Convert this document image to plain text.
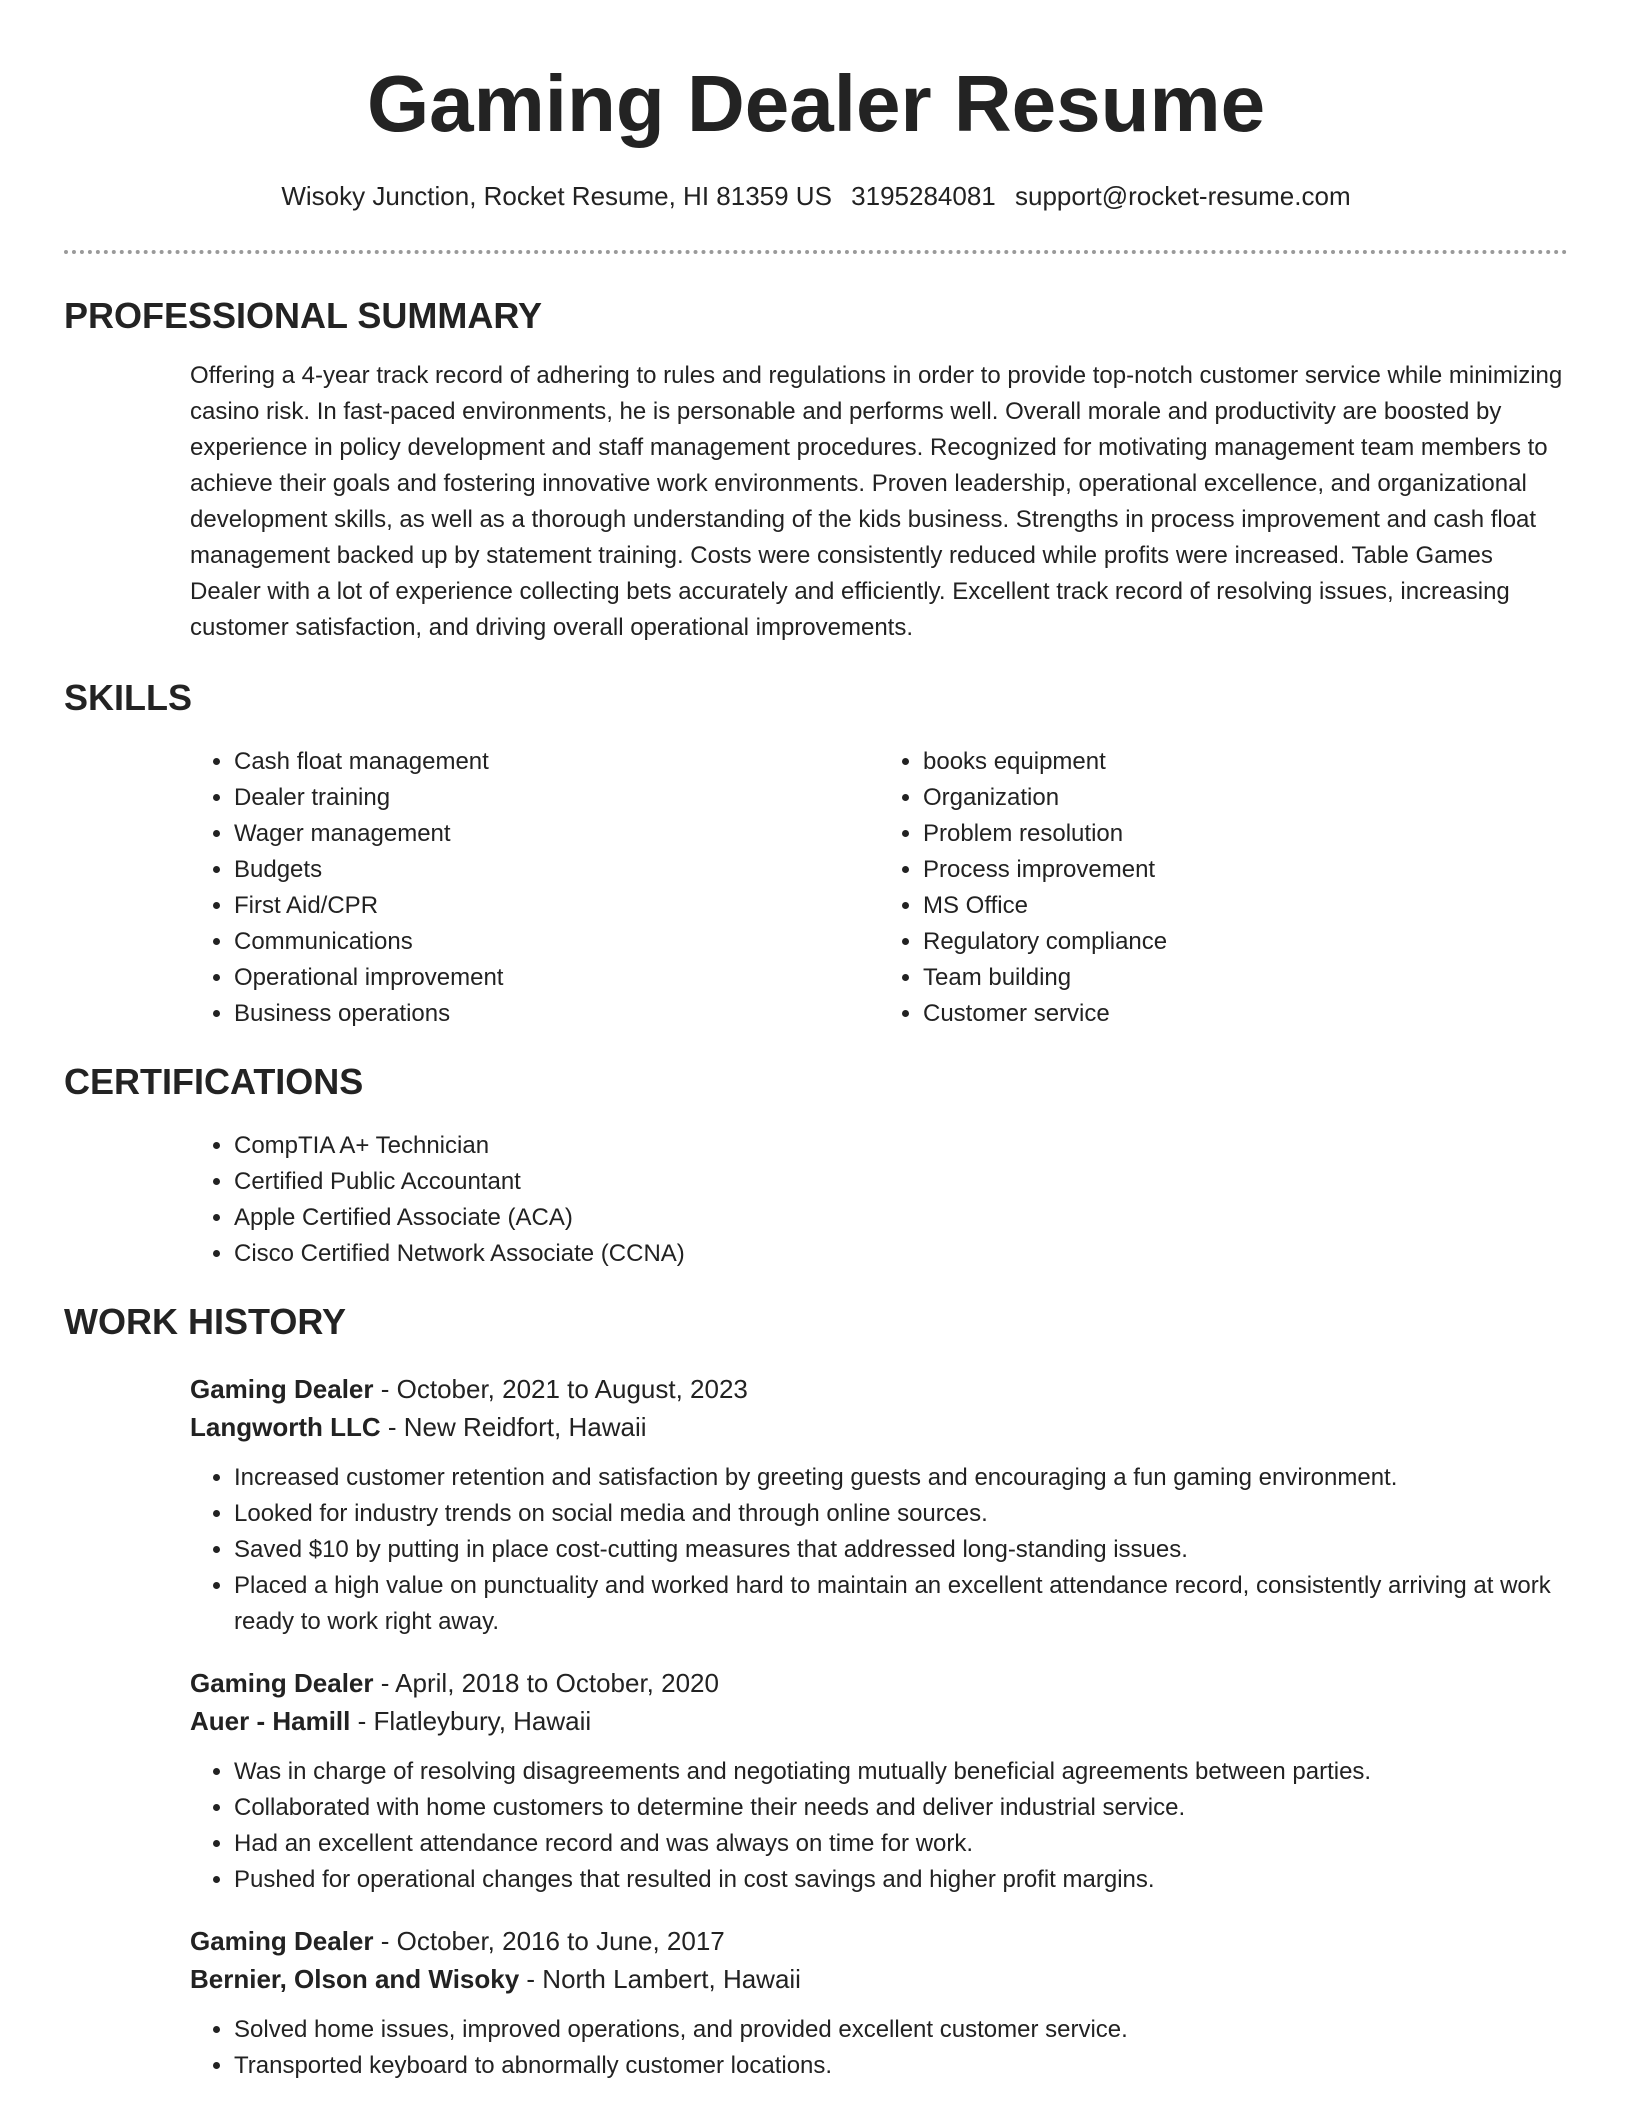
Gaming Dealer Resume
Wisoky Junction, Rocket Resume, HI 81359 US 3195284081 support@rocket-resume.com
PROFESSIONAL SUMMARY

Offering a 4-year track record of adhering to rules and regulations in order to provide top-notch customer service while minimizing casino risk. In fast-paced environments, he is personable and performs well. Overall morale and productivity are boosted by experience in policy development and staff management procedures. Recognized for motivating management team members to achieve their goals and fostering innovative work environments. Proven leadership, operational excellence, and organizational development skills, as well as a thorough understanding of the kids business. Strengths in process improvement and cash float management backed up by statement training. Costs were consistently reduced while profits were increased. Table Games Dealer with a lot of experience collecting bets accurately and efficiently. Excellent track record of resolving issues, increasing customer satisfaction, and driving overall operational improvements.

SKILLS
• Cash float management
• Dealer training
• Wager management
• Budgets
• First Aid/CPR
• Communications
• Operational improvement
• Business operations
• books equipment
• Organization
• Problem resolution
• Process improvement
• MS Office
• Regulatory compliance
• Team building
• Customer service
CERTIFICATIONS
• CompTIA A+ Technician
• Certified Public Accountant
• Apple Certified Associate (ACA)
• Cisco Certified Network Associate (CCNA)
WORK HISTORY
Gaming Dealer - October, 2021 to August, 2023
Langworth LLC - New Reidfort, Hawaii
• Increased customer retention and satisfaction by greeting guests and encouraging a fun gaming environment.
• Looked for industry trends on social media and through online sources.
• Saved $10 by putting in place cost-cutting measures that addressed long-standing issues.
• Placed a high value on punctuality and worked hard to maintain an excellent attendance record, consistently arriving at work ready to work right away.
Gaming Dealer - April, 2018 to October, 2020
Auer - Hamill - Flatleybury, Hawaii
• Was in charge of resolving disagreements and negotiating mutually beneficial agreements between parties.
• Collaborated with home customers to determine their needs and deliver industrial service.
• Had an excellent attendance record and was always on time for work.
• Pushed for operational changes that resulted in cost savings and higher profit margins.
Gaming Dealer - October, 2016 to June, 2017
Bernier, Olson and Wisoky - North Lambert, Hawaii
• Solved home issues, improved operations, and provided excellent customer service.
• Transported keyboard to abnormally customer locations.
